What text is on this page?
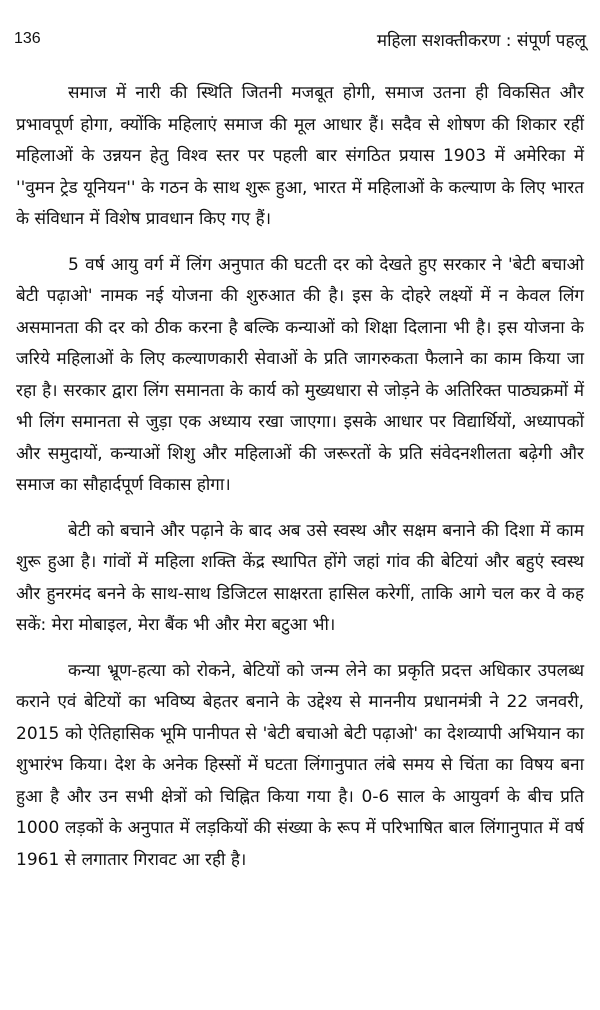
136	महिला सशक्तीकरण : संपूर्ण पहलू

समाज में नारी की स्थिति जितनी मजबूत होगी, समाज उतना ही विकसित और प्रभावपूर्ण होगा, क्योंकि महिलाएं समाज की मूल आधार हैं। सदैव से शोषण की शिकार रहीं महिलाओं के उन्नयन हेतु विश्व स्तर पर पहली बार संगठित प्रयास 1903 में अमेरिका में ''वुमन ट्रेड यूनियन'' के गठन के साथ शुरू हुआ, भारत में महिलाओं के कल्याण के लिए भारत के संविधान में विशेष प्रावधान किए गए हैं।

5 वर्ष आयु वर्ग में लिंग अनुपात की घटती दर को देखते हुए सरकार ने 'बेटी बचाओ बेटी पढ़ाओ' नामक नई योजना की शुरुआत की है। इस के दोहरे लक्ष्यों में न केवल लिंग असमानता की दर को ठीक करना है बल्कि कन्याओं को शिक्षा दिलाना भी है। इस योजना के जरिये महिलाओं के लिए कल्याणकारी सेवाओं के प्रति जागरुकता फैलाने का काम किया जा रहा है। सरकार द्वारा लिंग समानता के कार्य को मुख्यधारा से जोड़ने के अतिरिक्त पाठ्यक्रमों में भी लिंग समानता से जुड़ा एक अध्याय रखा जाएगा। इसके आधार पर विद्यार्थियों, अध्यापकों और समुदायों, कन्याओं शिशु और महिलाओं की जरूरतों के प्रति संवेदनशीलता बढ़ेगी और समाज का सौहार्दपूर्ण विकास होगा।

बेटी को बचाने और पढ़ाने के बाद अब उसे स्वस्थ और सक्षम बनाने की दिशा में काम शुरू हुआ है। गांवों में महिला शक्ति केंद्र स्थापित होंगे जहां गांव की बेटियां और बहुएं स्वस्थ और हुनरमंद बनने के साथ-साथ डिजिटल साक्षरता हासिल करेगीं, ताकि आगे चल कर वे कह सकें: मेरा मोबाइल, मेरा बैंक भी और मेरा बटुआ भी।

कन्या भ्रूण-हत्या को रोकने, बेटियों को जन्म लेने का प्रकृति प्रदत्त अधिकार उपलब्ध कराने एवं बेटियों का भविष्य बेहतर बनाने के उद्देश्य से माननीय प्रधानमंत्री ने 22 जनवरी, 2015 को ऐतिहासिक भूमि पानीपत से 'बेटी बचाओ बेटी पढ़ाओ' का देशव्यापी अभियान का शुभारंभ किया। देश के अनेक हिस्सों में घटता लिंगानुपात लंबे समय से चिंता का विषय बना हुआ है और उन सभी क्षेत्रों को चिह्नित किया गया है। 0-6 साल के आयुवर्ग के बीच प्रति 1000 लड़कों के अनुपात में लड़कियों की संख्या के रूप में परिभाषित बाल लिंगानुपात में वर्ष 1961 से लगातार गिरावट आ रही है।
